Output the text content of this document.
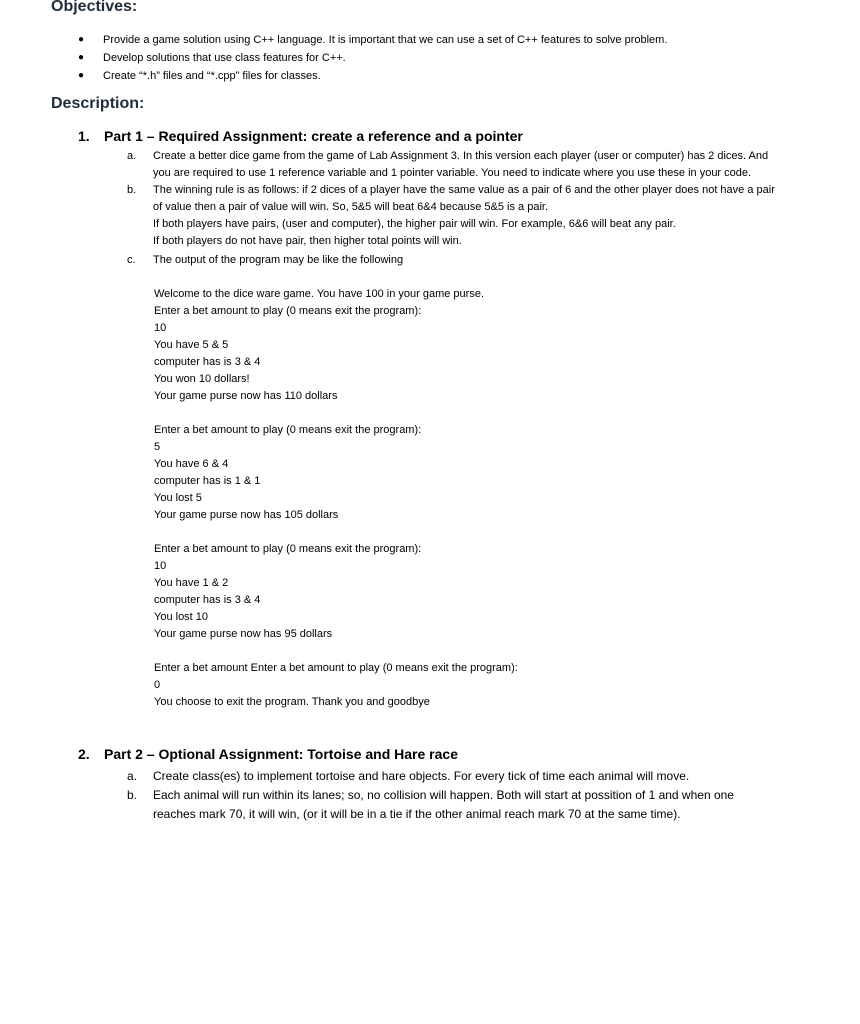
Objectives:
● Provide a game solution using C++ language. It is important that we can use a set of C++ features to solve problem.
● Develop solutions that use class features for C++.
● Create “*.h” files and “*.cpp” files for classes.
Description:
1. Part 1 – Required Assignment: create a reference and a pointer
a. Create a better dice game from the game of Lab Assignment 3. In this version each player (user or computer) has 2 dices. And
you are required to use 1 reference variable and 1 pointer variable. You need to indicate where you use these in your code.
b. The winning rule is as follows: if 2 dices of a player have the same value as a pair of 6 and the other player does not have a pair
of value then a pair of value will win. So, 5&5 will beat 6&4 because 5&5 is a pair.
If both players have pairs, (user and computer), the higher pair will win. For example, 6&6 will beat any pair.
If both players do not have pair, then higher total points will win.
c. The output of the program may be like the following
Welcome to the dice ware game. You have 100 in your game purse.
Enter a bet amount to play (0 means exit the program):
10
You have 5 & 5
computer has is 3 & 4
You won 10 dollars!
Your game purse now has 110 dollars
Enter a bet amount to play (0 means exit the program):
5
You have 6 & 4
computer has is 1 & 1
You lost 5
Your game purse now has 105 dollars
Enter a bet amount to play (0 means exit the program):
10
You have 1 & 2
computer has is 3 & 4
You lost 10
Your game purse now has 95 dollars
Enter a bet amount Enter a bet amount to play (0 means exit the program):
0
You choose to exit the program. Thank you and goodbye
2. Part 2 – Optional Assignment: Tortoise and Hare race
a. Create class(es) to implement tortoise and hare objects. For every tick of time each animal will move.
b. Each animal will run within its lanes; so, no collision will happen. Both will start at possition of 1 and when one
reaches mark 70, it will win, (or it will be in a tie if the other animal reach mark 70 at the same time).
